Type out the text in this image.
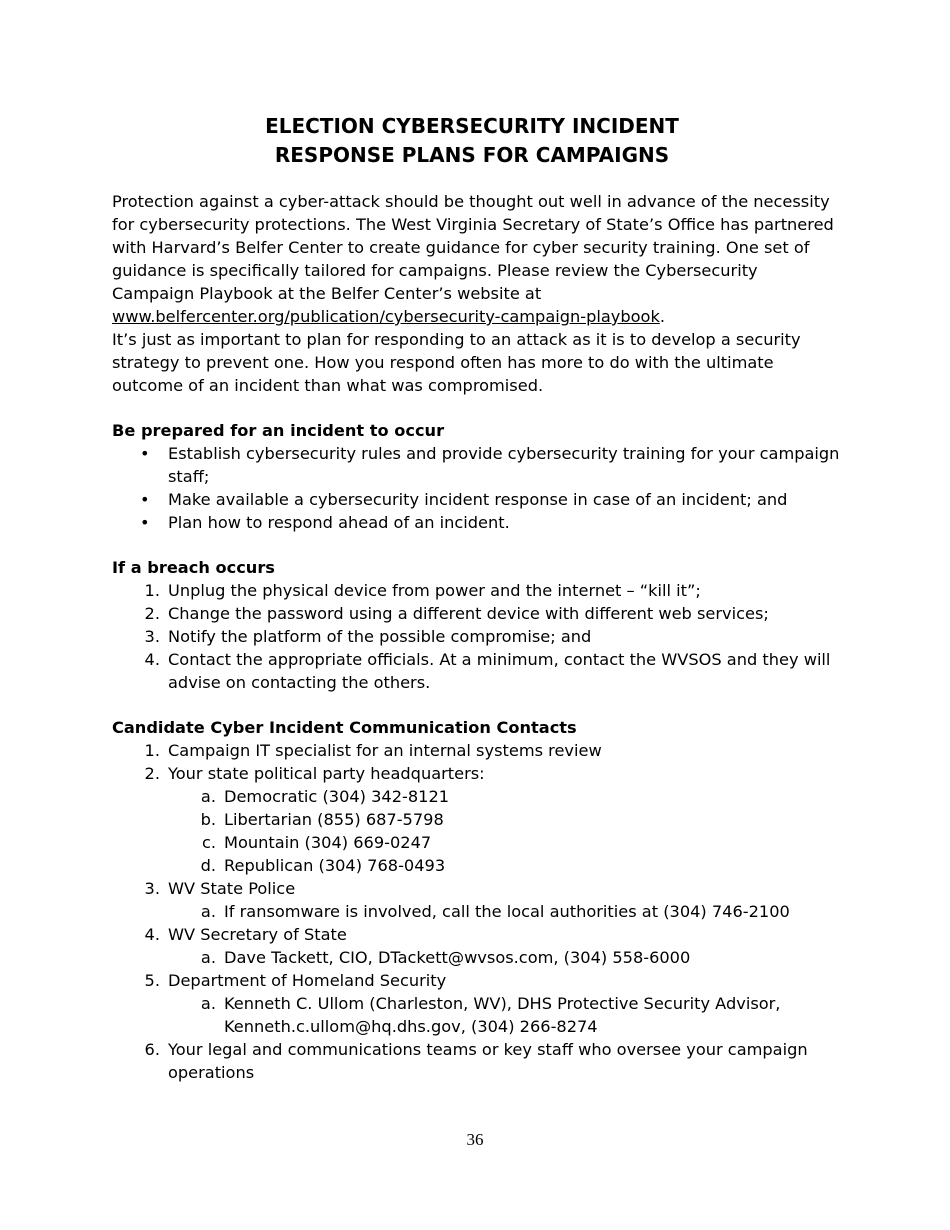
ELECTION CYBERSECURITY INCIDENT
RESPONSE PLANS FOR CAMPAIGNS

Protection against a cyber-attack should be thought out well in advance of the necessity for cybersecurity protections. The West Virginia Secretary of State’s Office has partnered with Harvard’s Belfer Center to create guidance for cyber security training. One set of guidance is specifically tailored for campaigns. Please review the Cybersecurity Campaign Playbook at the Belfer Center’s website at www.belfercenter.org/publication/cybersecurity-campaign-playbook.

It’s just as important to plan for responding to an attack as it is to develop a security strategy to prevent one. How you respond often has more to do with the ultimate outcome of an incident than what was compromised.

Be prepared for an incident to occur

•	Establish cybersecurity rules and provide cybersecurity training for your campaign staff;
•	Make available a cybersecurity incident response in case of an incident; and
•	Plan how to respond ahead of an incident.

If a breach occurs

1. Unplug the physical device from power and the internet – “kill it”;
2. Change the password using a different device with different web services;
3. Notify the platform of the possible compromise; and
4. Contact the appropriate officials. At a minimum, contact the WVSOS and they will advise on contacting the others.

Candidate Cyber Incident Communication Contacts

1. Campaign IT specialist for an internal systems review
2. Your state political party headquarters:
a. Democratic (304) 342-8121
b. Libertarian (855) 687-5798
c. Mountain (304) 669-0247
d. Republican (304) 768-0493
3. WV State Police
a. If ransomware is involved, call the local authorities at (304) 746-2100
4. WV Secretary of State
a. Dave Tackett, CIO, DTackett@wvsos.com, (304) 558-6000
5. Department of Homeland Security
a. Kenneth C. Ullom (Charleston, WV), DHS Protective Security Advisor, Kenneth.c.ullom@hq.dhs.gov, (304) 266-8274
6. Your legal and communications teams or key staff who oversee your campaign operations
36
